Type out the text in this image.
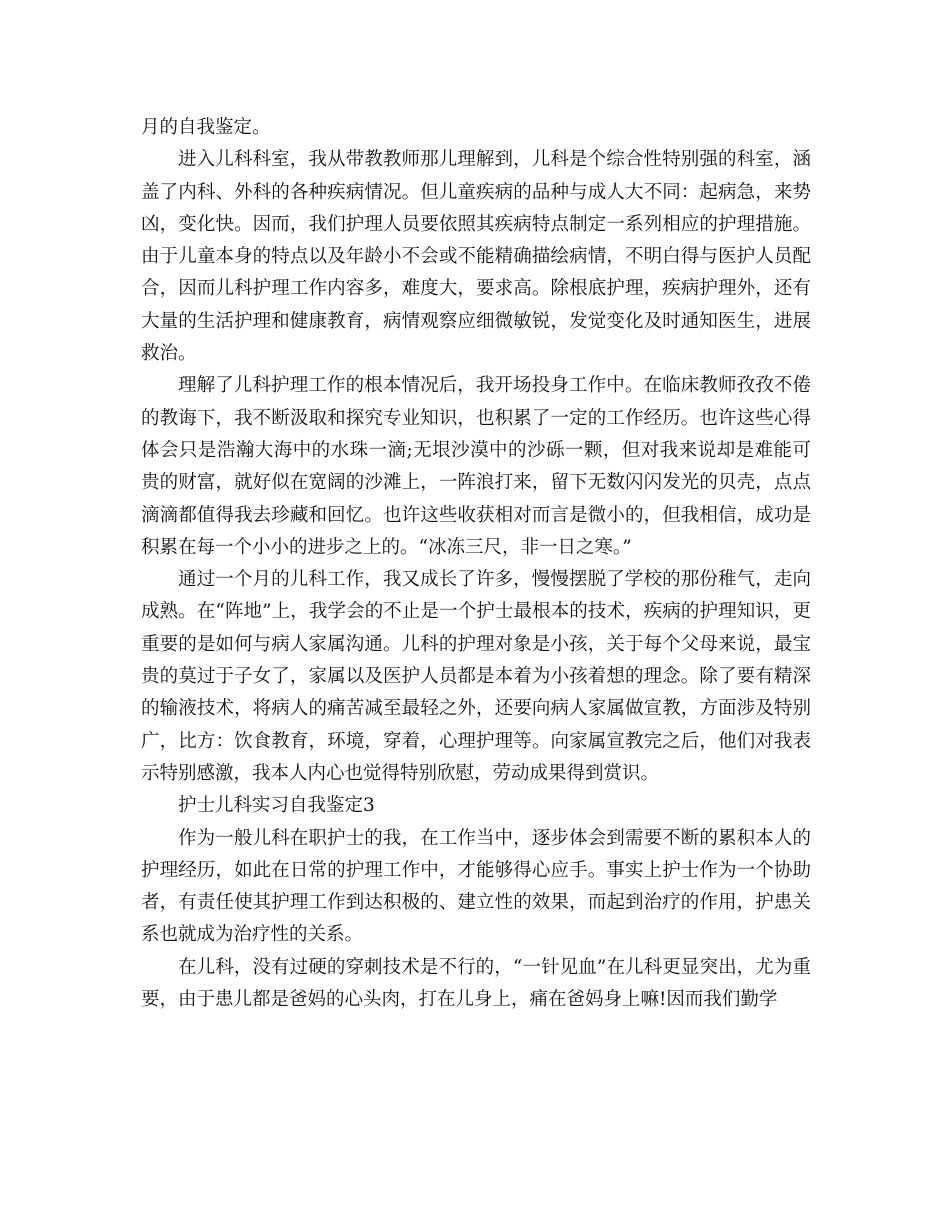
月的自我鉴定。

进入儿科科室，我从带教教师那儿理解到，儿科是个综合性特别强的科室，涵盖了内科、外科的各种疾病情况。但儿童疾病的品种与成人大不同：起病急，来势凶，变化快。因而，我们护理人员要依照其疾病特点制定一系列相应的护理措施。由于儿童本身的特点以及年龄小不会或不能精确描绘病情，不明白得与医护人员配合，因而儿科护理工作内容多，难度大，要求高。除根底护理，疾病护理外，还有大量的生活护理和健康教育，病情观察应细微敏锐，发觉变化及时通知医生，进展救治。

理解了儿科护理工作的根本情况后，我开场投身工作中。在临床教师孜孜不倦的教诲下，我不断汲取和探究专业知识，也积累了一定的工作经历。也许这些心得体会只是浩瀚大海中的水珠一滴;无垠沙漠中的沙砾一颗，但对我来说却是难能可贵的财富，就好似在宽阔的沙滩上，一阵浪打来，留下无数闪闪发光的贝壳，点点滴滴都值得我去珍藏和回忆。也许这些收获相对而言是微小的，但我相信，成功是积累在每一个小小的进步之上的。“冰冻三尺，非一日之寒。”

通过一个月的儿科工作，我又成长了许多，慢慢摆脱了学校的那份稚气，走向成熟。在“阵地”上，我学会的不止是一个护士最根本的技术，疾病的护理知识，更重要的是如何与病人家属沟通。儿科的护理对象是小孩，关于每个父母来说，最宝贵的莫过于子女了，家属以及医护人员都是本着为小孩着想的理念。除了要有精深的输液技术，将病人的痛苦减至最轻之外，还要向病人家属做宣教，方面涉及特别广，比方：饮食教育，环境，穿着，心理护理等。向家属宣教完之后，他们对我表示特别感激，我本人内心也觉得特别欣慰，劳动成果得到赏识。

护士儿科实习自我鉴定3

作为一般儿科在职护士的我，在工作当中，逐步体会到需要不断的累积本人的护理经历，如此在日常的护理工作中，才能够得心应手。事实上护士作为一个协助者，有责任使其护理工作到达积极的、建立性的效果，而起到治疗的作用，护患关系也就成为治疗性的关系。

在儿科，没有过硬的穿刺技术是不行的，“一针见血”在儿科更显突出，尤为重要，由于患儿都是爸妈的心头肉，打在儿身上，痛在爸妈身上嘛!因而我们勤学
